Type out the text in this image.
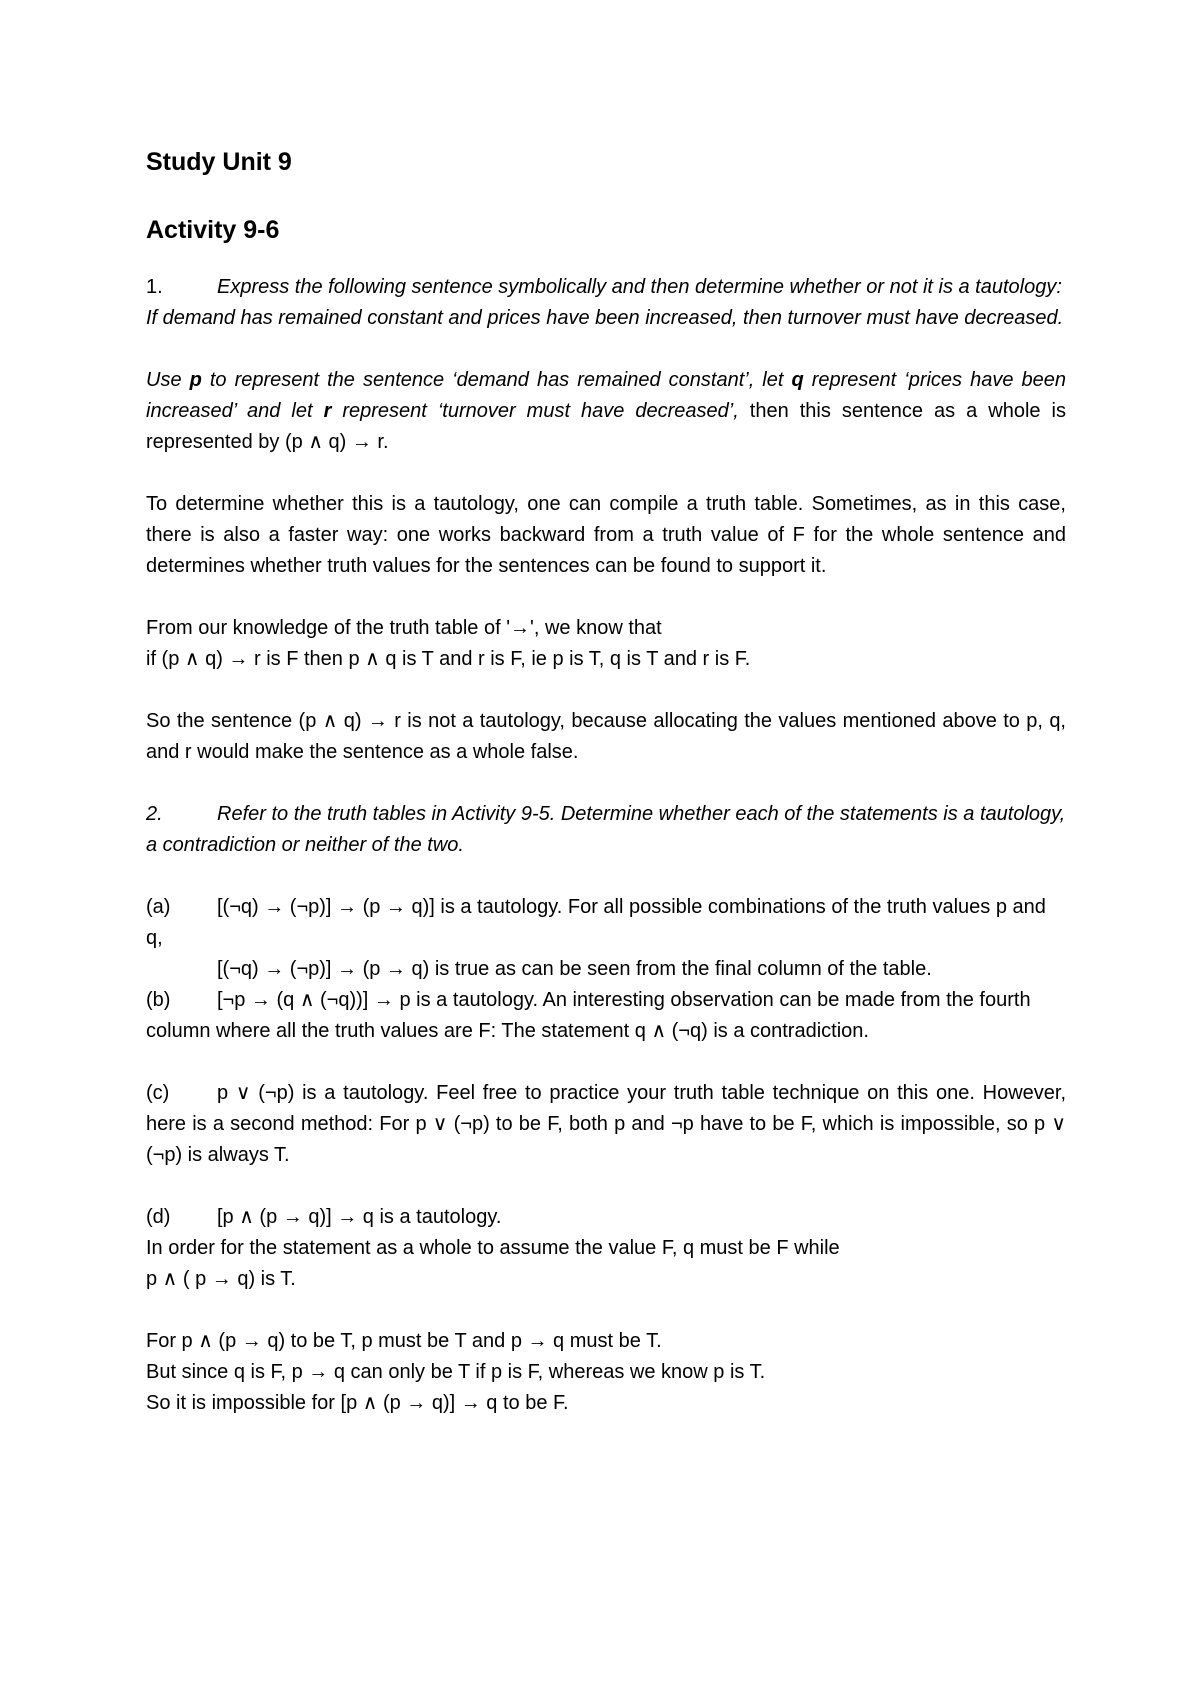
Study Unit 9
Activity 9-6

1.	Express the following sentence symbolically and then determine whether or not it is a tautology:

If demand has remained constant and prices have been increased, then turnover must have decreased.

Use p to represent the sentence ‘demand has remained constant’, let q represent ‘prices have been increased’ and let r represent ‘turnover must have decreased’, then this sentence as a whole is represented by (p ∧ q) → r.

To determine whether this is a tautology, one can compile a truth table. Sometimes, as in this case, there is also a faster way: one works backward from a truth value of F for the whole sentence and determines whether truth values for the sentences can be found to support it.

From our knowledge of the truth table of '→', we know that

if (p ∧ q) → r is F then p ∧ q is T and r is F, ie p is T, q is T and r is F.

So the sentence (p ∧ q) → r is not a tautology, because allocating the values mentioned above to p, q, and r would make the sentence as a whole false.

2.	Refer to the truth tables in Activity 9-5. Determine whether each of the statements is a tautology, a contradiction or neither of the two.

(a) [(¬q) → (¬p)] → (p → q)] is a tautology. For all possible combinations of the truth values p and q,

[(¬q) → (¬p)] → (p → q) is true as can be seen from the final column of the table.

(b) [¬p → (q ∧ (¬q))] → p is a tautology. An interesting observation can be made from the fourth column where all the truth values are F: The statement q ∧ (¬q) is a contradiction.

(c) p ∨ (¬p) is a tautology. Feel free to practice your truth table technique on this one. However, here is a second method: For p ∨ (¬p) to be F, both p and ¬p have to be F, which is impossible, so p ∨ (¬p) is always T.

(d) [p ∧ (p → q)] → q is a tautology.

In order for the statement as a whole to assume the value F, q must be F while

p ∧ ( p → q) is T.

For p ∧ (p → q) to be T, p must be T and p → q must be T.

But since q is F, p → q can only be T if p is F, whereas we know p is T.

So it is impossible for [p ∧ (p → q)] → q to be F.
